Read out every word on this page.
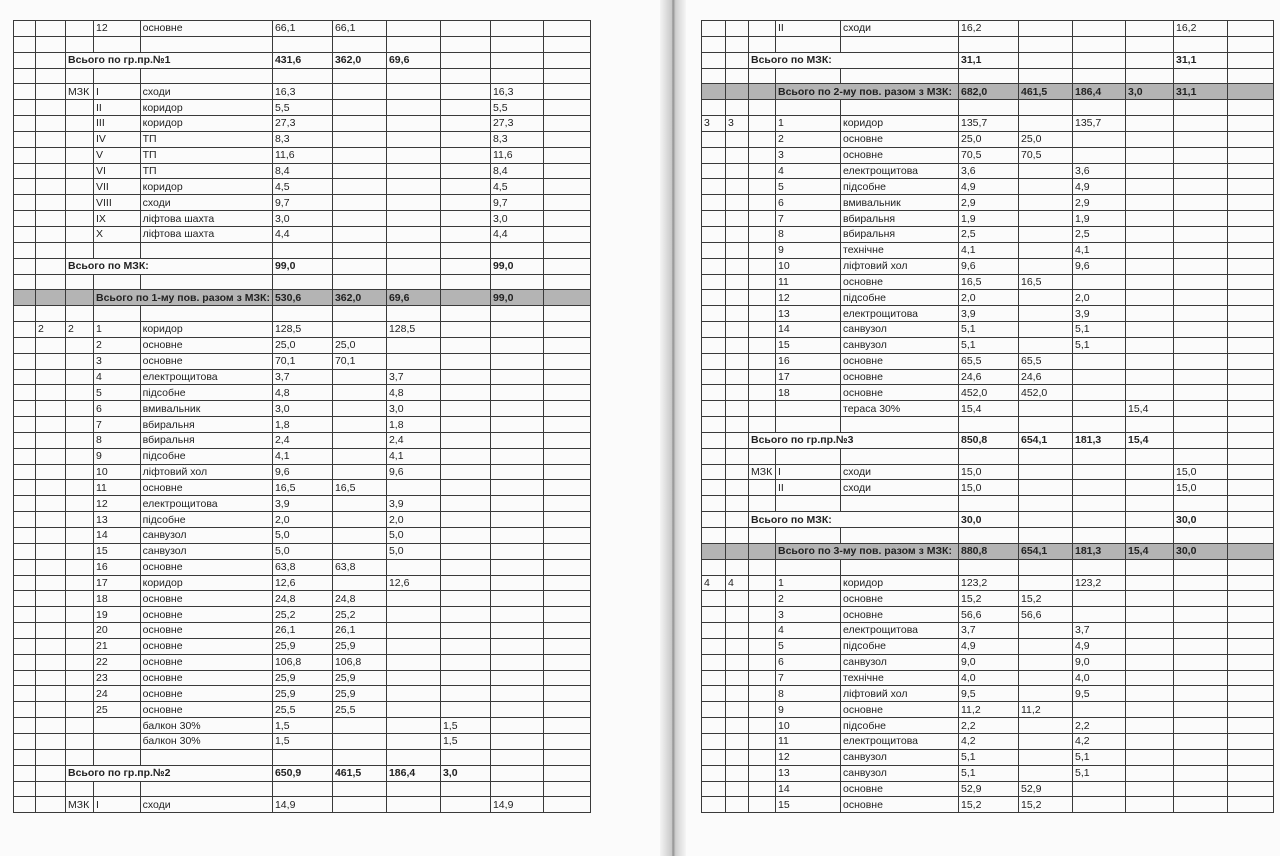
			12	основне	66,1	66,1				

		Всього по гр.пр.№1			431,6	362,0	69,6			

		МЗК	I	сходи	16,3				16,3	
			II	коридор	5,5				5,5	
			III	коридор	27,3				27,3	
			IV	ТП	8,3				8,3	
			V	ТП	11,6				11,6	
			VI	ТП	8,4				8,4	
			VII	коридор	4,5				4,5	
			VIII	сходи	9,7				9,7	
			IX	ліфтова шахта	3,0				3,0	
			X	ліфтова шахта	4,4				4,4	

		Всього по МЗК:			99,0				99,0	

			Всього по 1-му пов. разом з МЗК:		530,6	362,0	69,6		99,0	

	2	2	1	коридор	128,5		128,5			
			2	основне	25,0	25,0				
			3	основне	70,1	70,1				
			4	електрощитова	3,7		3,7			
			5	підсобне	4,8		4,8			
			6	вмивальник	3,0		3,0			
			7	вбиральня	1,8		1,8			
			8	вбиральня	2,4		2,4			
			9	підсобне	4,1		4,1			
			10	ліфтовий хол	9,6		9,6			
			11	основне	16,5	16,5				
			12	електрощитова	3,9		3,9			
			13	підсобне	2,0		2,0			
			14	санвузол	5,0		5,0			
			15	санвузол	5,0		5,0			
			16	основне	63,8	63,8				
			17	коридор	12,6		12,6			
			18	основне	24,8	24,8				
			19	основне	25,2	25,2				
			20	основне	26,1	26,1				
			21	основне	25,9	25,9				
			22	основне	106,8	106,8				
			23	основне	25,9	25,9				
			24	основне	25,9	25,9				
			25	основне	25,5	25,5				
				балкон 30%	1,5			1,5		
				балкон 30%	1,5			1,5		

		Всього по гр.пр.№2			650,9	461,5	186,4	3,0		

		МЗК	I	сходи	14,9				14,9	
			II	сходи	16,2				16,2	

		Всього по МЗК:			31,1				31,1	

			Всього по 2-му пов. разом з МЗК:		682,0	461,5	186,4	3,0	31,1	

3	3		1	коридор	135,7		135,7			
			2	основне	25,0	25,0				
			3	основне	70,5	70,5				
			4	електрощитова	3,6		3,6			
			5	підсобне	4,9		4,9			
			6	вмивальник	2,9		2,9			
			7	вбиральня	1,9		1,9			
			8	вбиральня	2,5		2,5			
			9	технічне	4,1		4,1			
			10	ліфтовий хол	9,6		9,6			
			11	основне	16,5	16,5				
			12	підсобне	2,0		2,0			
			13	електрощитова	3,9		3,9			
			14	санвузол	5,1		5,1			
			15	санвузол	5,1		5,1			
			16	основне	65,5	65,5				
			17	основне	24,6	24,6				
			18	основне	452,0	452,0				
				тераса 30%	15,4			15,4		

		Всього по гр.пр.№3			850,8	654,1	181,3	15,4		

		МЗК	I	сходи	15,0				15,0	
			II	сходи	15,0				15,0	

		Всього по МЗК:			30,0				30,0	

			Всього по 3-му пов. разом з МЗК:		880,8	654,1	181,3	15,4	30,0	

4	4		1	коридор	123,2		123,2			
			2	основне	15,2	15,2				
			3	основне	56,6	56,6				
			4	електрощитова	3,7		3,7			
			5	підсобне	4,9		4,9			
			6	санвузол	9,0		9,0			
			7	технічне	4,0		4,0			
			8	ліфтовий хол	9,5		9,5			
			9	основне	11,2	11,2				
			10	підсобне	2,2		2,2			
			11	електрощитова	4,2		4,2			
			12	санвузол	5,1		5,1			
			13	санвузол	5,1		5,1			
			14	основне	52,9	52,9				
			15	основне	15,2	15,2				
